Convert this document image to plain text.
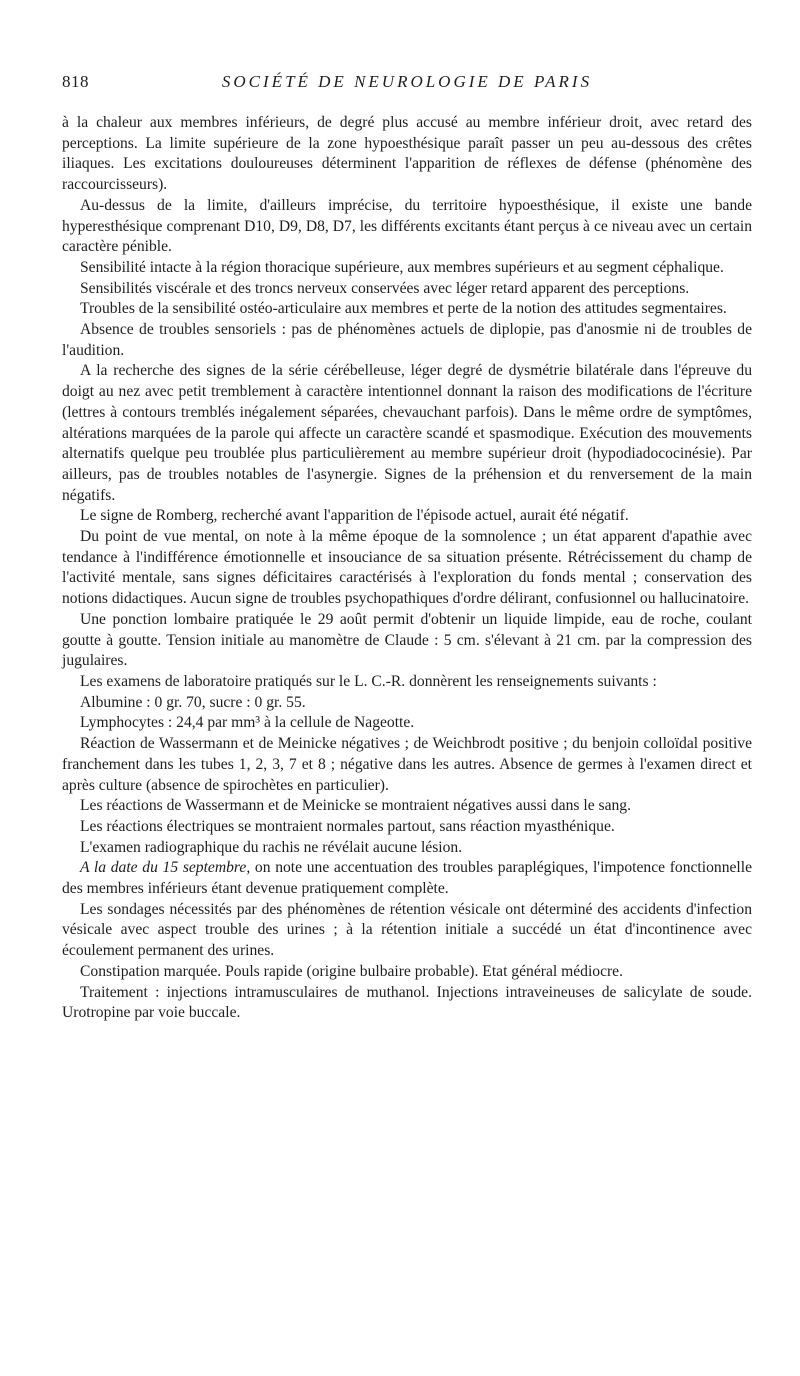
818	SOCIÉTÉ DE NEUROLOGIE DE PARIS

à la chaleur aux membres inférieurs, de degré plus accusé au membre inférieur droit, avec retard des perceptions. La limite supérieure de la zone hypoesthésique paraît passer un peu au-dessous des crêtes iliaques. Les excitations douloureuses déterminent l'apparition de réflexes de défense (phénomène des raccourcisseurs).

Au-dessus de la limite, d'ailleurs imprécise, du territoire hypoesthésique, il existe une bande hyperesthésique comprenant D10, D9, D8, D7, les différents excitants étant perçus à ce niveau avec un certain caractère pénible.

Sensibilité intacte à la région thoracique supérieure, aux membres supérieurs et au segment céphalique.

Sensibilités viscérale et des troncs nerveux conservées avec léger retard apparent des perceptions.

Troubles de la sensibilité ostéo-articulaire aux membres et perte de la notion des attitudes segmentaires.

Absence de troubles sensoriels : pas de phénomènes actuels de diplopie, pas d'anosmie ni de troubles de l'audition.

A la recherche des signes de la série cérébelleuse, léger degré de dysmétrie bilatérale dans l'épreuve du doigt au nez avec petit tremblement à caractère intentionnel donnant la raison des modifications de l'écriture (lettres à contours tremblés inégalement séparées, chevauchant parfois). Dans le même ordre de symptômes, altérations marquées de la parole qui affecte un caractère scandé et spasmodique. Exécution des mouvements alternatifs quelque peu troublée plus particulièrement au membre supérieur droit (hypodiadococinésie). Par ailleurs, pas de troubles notables de l'asynergie. Signes de la préhension et du renversement de la main négatifs.

Le signe de Romberg, recherché avant l'apparition de l'épisode actuel, aurait été négatif.

Du point de vue mental, on note à la même époque de la somnolence ; un état apparent d'apathie avec tendance à l'indifférence émotionnelle et insouciance de sa situation présente. Rétrécissement du champ de l'activité mentale, sans signes déficitaires caractérisés à l'exploration du fonds mental ; conservation des notions didactiques. Aucun signe de troubles psychopathiques d'ordre délirant, confusionnel ou hallucinatoire.

Une ponction lombaire pratiquée le 29 août permit d'obtenir un liquide limpide, eau de roche, coulant goutte à goutte. Tension initiale au manomètre de Claude : 5 cm. s'élevant à 21 cm. par la compression des jugulaires.

Les examens de laboratoire pratiqués sur le L. C.-R. donnèrent les renseignements suivants :

Albumine : 0 gr. 70, sucre : 0 gr. 55.

Lymphocytes : 24,4 par mm³ à la cellule de Nageotte.

Réaction de Wassermann et de Meinicke négatives ; de Weichbrodt positive ; du benjoin colloïdal positive franchement dans les tubes 1, 2, 3, 7 et 8 ; négative dans les autres. Absence de germes à l'examen direct et après culture (absence de spirochètes en particulier).

Les réactions de Wassermann et de Meinicke se montraient négatives aussi dans le sang.

Les réactions électriques se montraient normales partout, sans réaction myasthénique.

L'examen radiographique du rachis ne révélait aucune lésion.

A la date du 15 septembre, on note une accentuation des troubles paraplégiques, l'impotence fonctionnelle des membres inférieurs étant devenue pratiquement complète.

Les sondages nécessités par des phénomènes de rétention vésicale ont déterminé des accidents d'infection vésicale avec aspect trouble des urines ; à la rétention initiale a succédé un état d'incontinence avec écoulement permanent des urines.

Constipation marquée. Pouls rapide (origine bulbaire probable). Etat général médiocre.

Traitement : injections intramusculaires de muthanol. Injections intraveineuses de salicylate de soude. Urotropine par voie buccale.
